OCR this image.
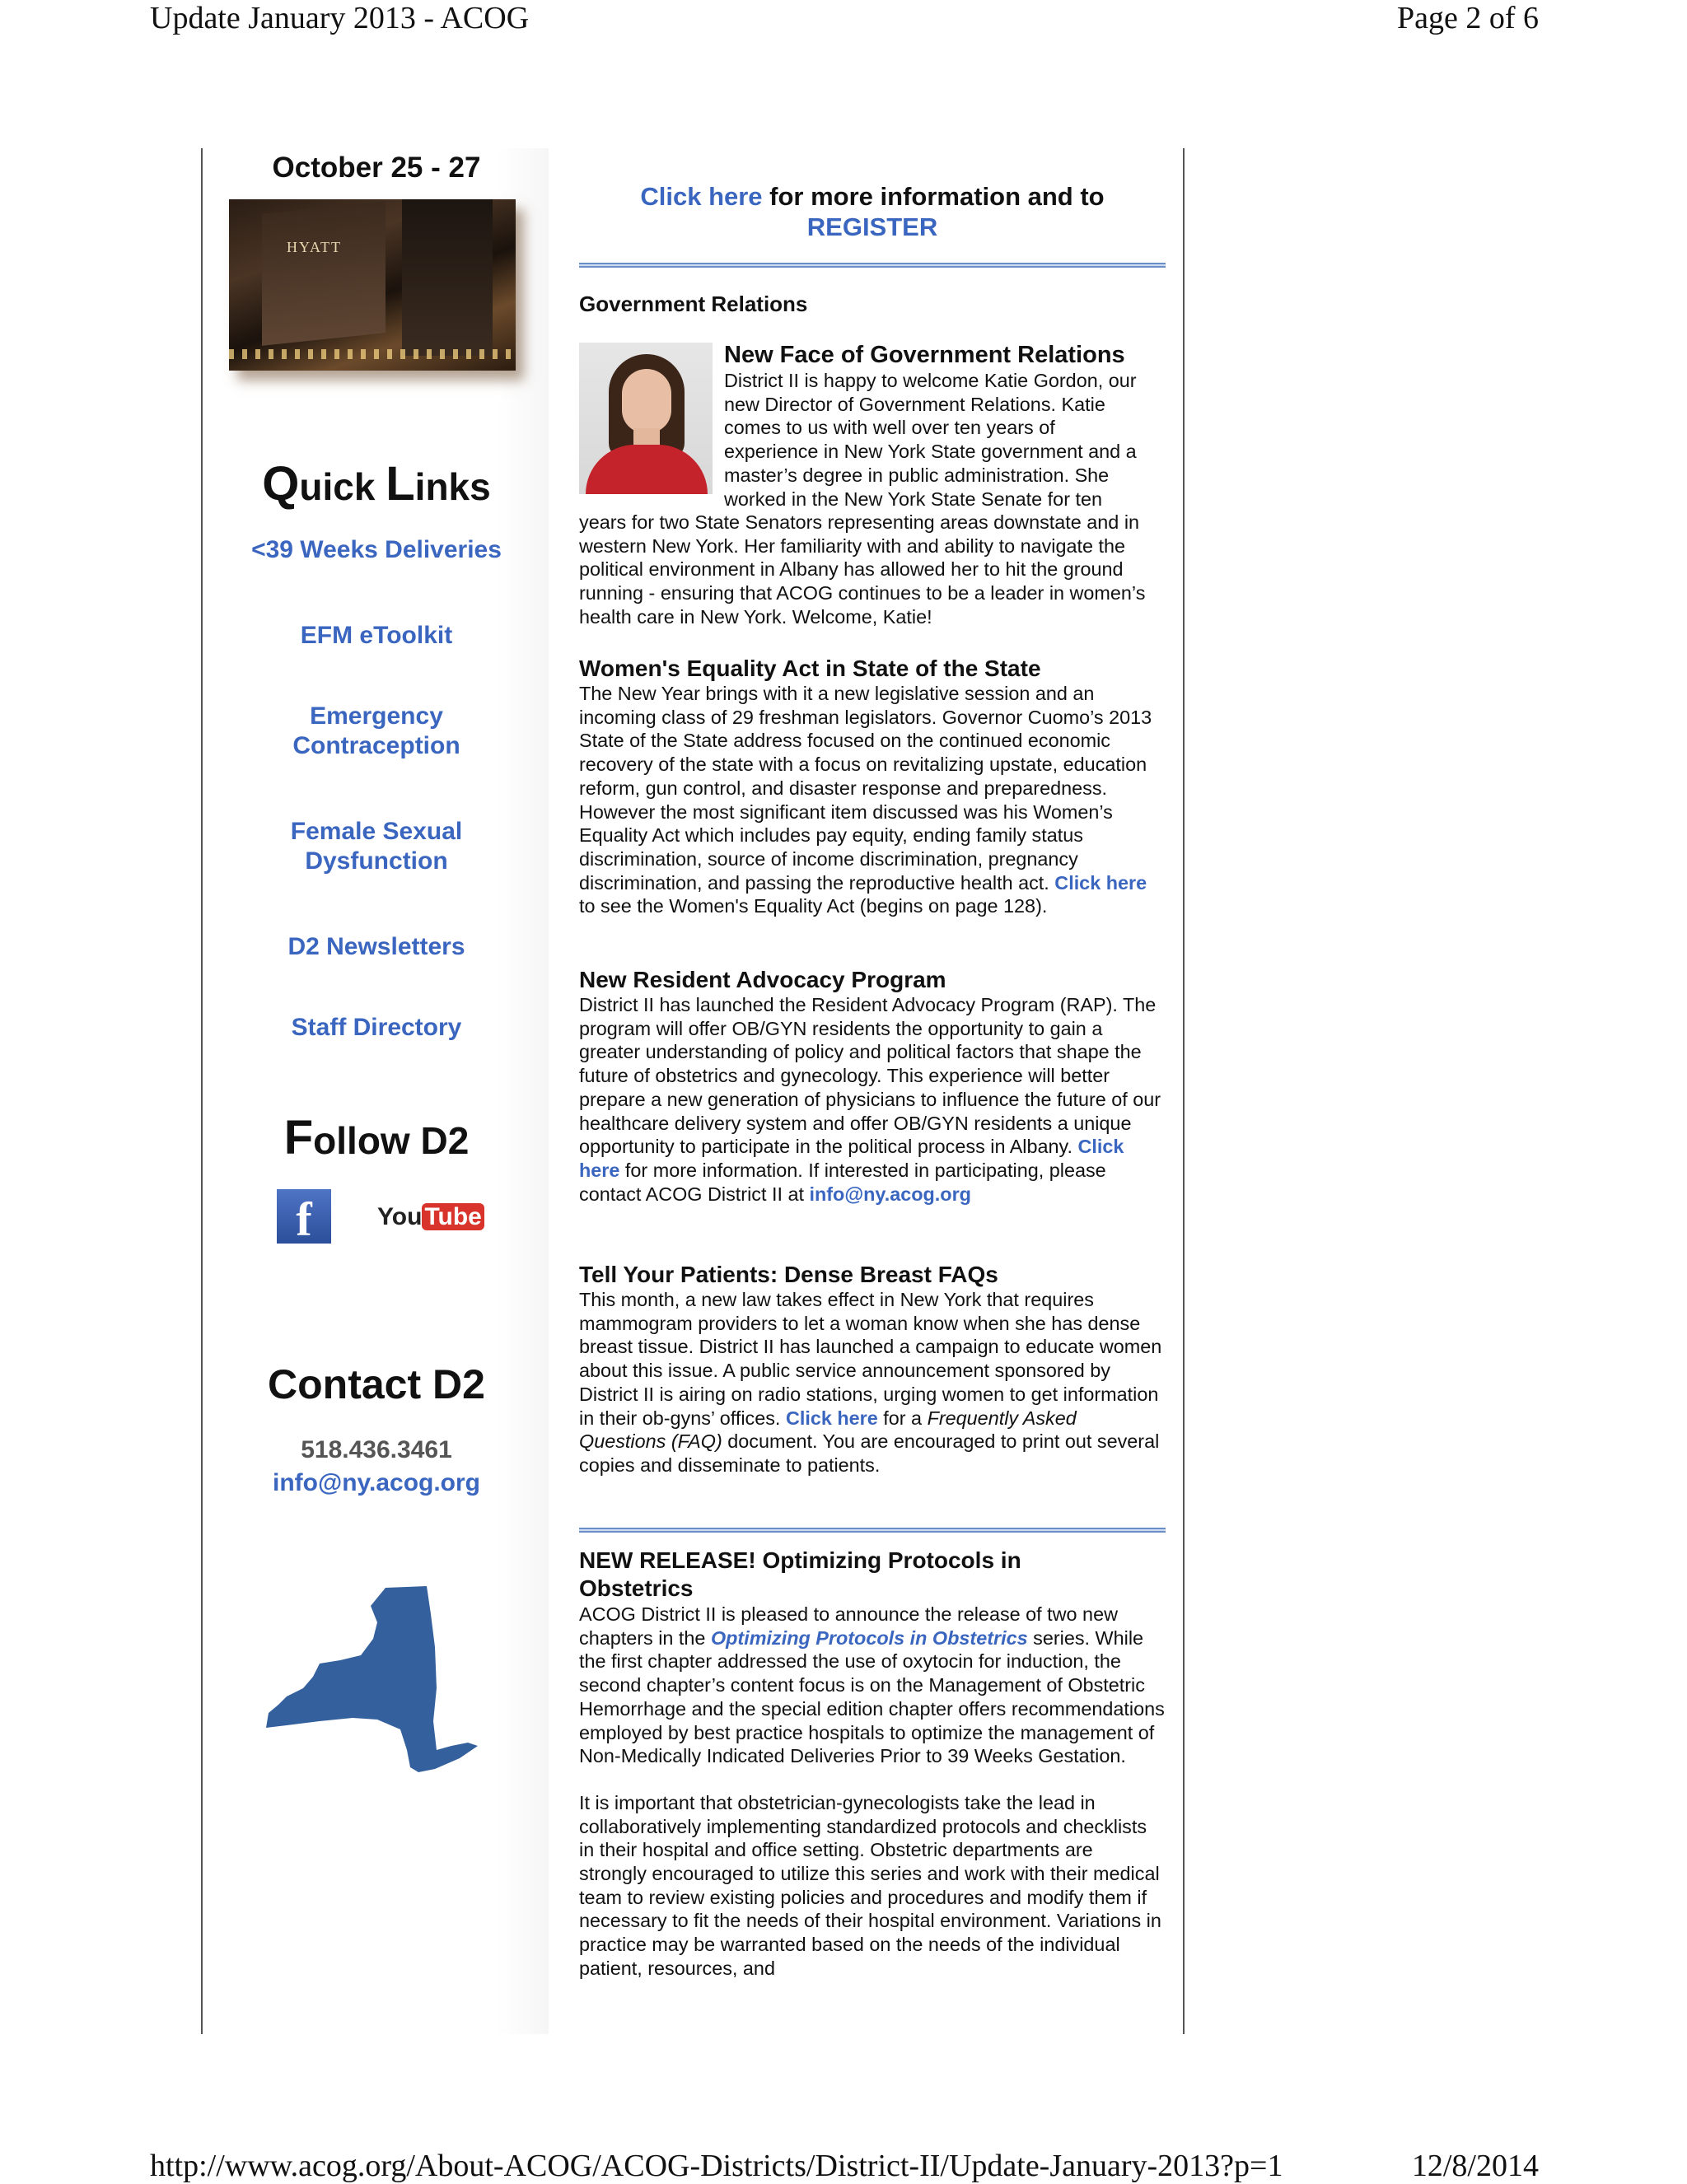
Update January 2013 - ACOG	Page 2 of 6
October 25 - 27
HYATT
Quick Links
<39 Weeks Deliveries
EFM eToolkit
Emergency
Contraception
Female Sexual
Dysfunction
D2 Newsletters
Staff Directory
Follow D2
f	You Tube
Contact D2
518.436.3461
info@ny.acog.org
Click here for more information and to
REGISTER
Government Relations
New Face of Government Relations
District II is happy to welcome Katie Gordon, our
new Director of Government Relations. Katie
comes to us with well over ten years of
experience in New York State government and a
master’s degree in public administration. She
worked in the New York State Senate for ten

years for two State Senators representing areas downstate and in western New York. Her familiarity with and ability to navigate the political environment in Albany has allowed her to hit the ground running - ensuring that ACOG continues to be a leader in women’s health care in New York. Welcome, Katie!

Women's Equality Act in State of the State

The New Year brings with it a new legislative session and an incoming class of 29 freshman legislators. Governor Cuomo’s 2013 State of the State address focused on the continued economic recovery of the state with a focus on revitalizing upstate, education reform, gun control, and disaster response and preparedness. However the most significant item discussed was his Women’s Equality Act which includes pay equity, ending family status discrimination, source of income discrimination, pregnancy discrimination, and passing the reproductive health act. Click here to see the Women's Equality Act (begins on page 128).

New Resident Advocacy Program

District II has launched the Resident Advocacy Program (RAP). The program will offer OB/GYN residents the opportunity to gain a greater understanding of policy and political factors that shape the future of obstetrics and gynecology. This experience will better prepare a new generation of physicians to influence the future of our healthcare delivery system and offer OB/GYN residents a unique opportunity to participate in the political process in Albany. Click here for more information. If interested in participating, please contact ACOG District II at info@ny.acog.org

Tell Your Patients: Dense Breast FAQs

This month, a new law takes effect in New York that requires mammogram providers to let a woman know when she has dense breast tissue. District II has launched a campaign to educate women about this issue. A public service announcement sponsored by District II is airing on radio stations, urging women to get information in their ob-gyns’ offices. Click here for a Frequently Asked Questions (FAQ) document. You are encouraged to print out several copies and disseminate to patients.

NEW RELEASE! Optimizing Protocols in Obstetrics

ACOG District II is pleased to announce the release of two new chapters in the Optimizing Protocols in Obstetrics series. While the first chapter addressed the use of oxytocin for induction, the second chapter’s content focus is on the Management of Obstetric Hemorrhage and the special edition chapter offers recommendations employed by best practice hospitals to optimize the management of Non-Medically Indicated Deliveries Prior to 39 Weeks Gestation.

It is important that obstetrician-gynecologists take the lead in collaboratively implementing standardized protocols and checklists in their hospital and office setting. Obstetric departments are strongly encouraged to utilize this series and work with their medical team to review existing policies and procedures and modify them if necessary to fit the needs of their hospital environment. Variations in practice may be warranted based on the needs of the individual patient, resources, and

http://www.acog.org/About-ACOG/ACOG-Districts/District-II/Update-January-2013?p=1	12/8/2014
